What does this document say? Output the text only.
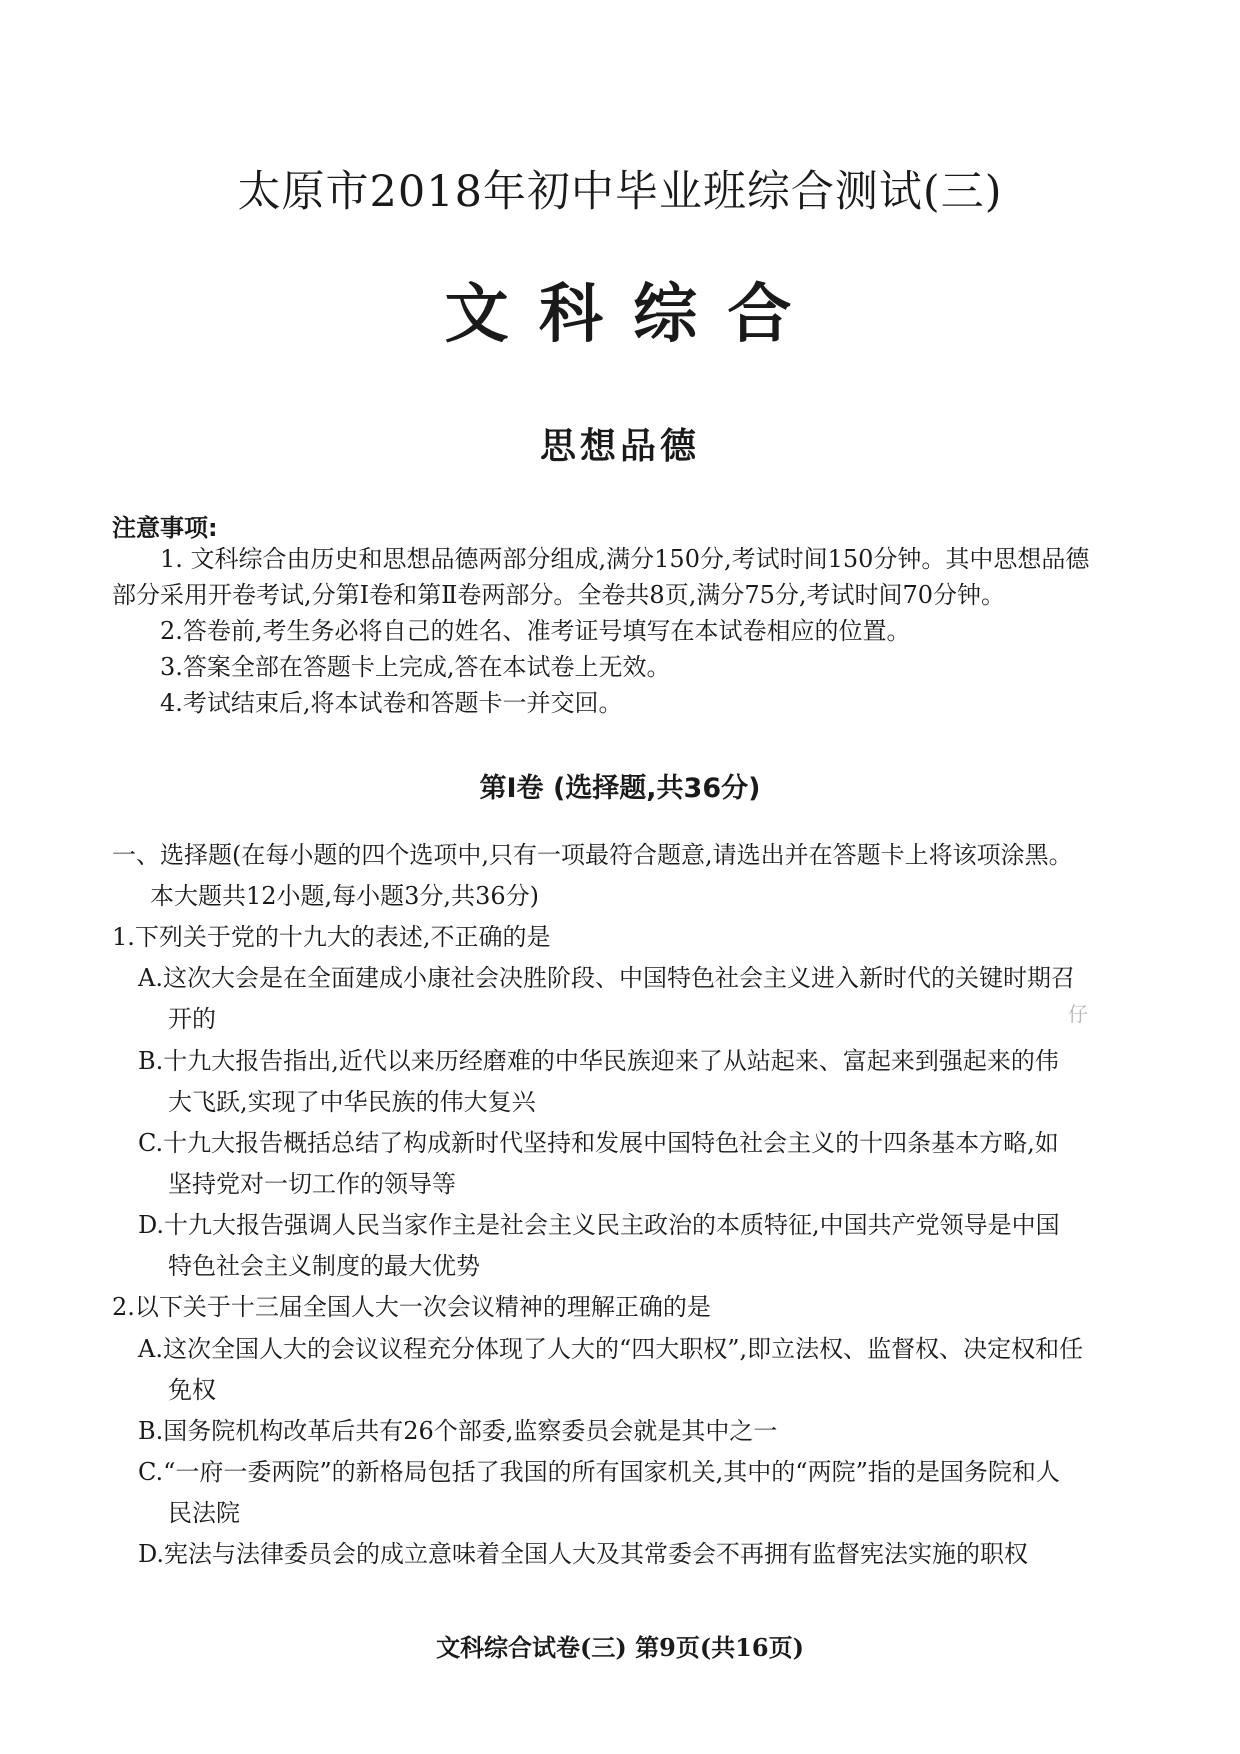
太原市2018年初中毕业班综合测试(三)
文 科 综 合
思想品德
注意事项:
1. 文科综合由历史和思想品德两部分组成,满分150分,考试时间150分钟。其中思想品德
部分采用开卷考试,分第Ⅰ卷和第Ⅱ卷两部分。全卷共8页,满分75分,考试时间70分钟。
2.答卷前,考生务必将自己的姓名、准考证号填写在本试卷相应的位置。
3.答案全部在答题卡上完成,答在本试卷上无效。
4.考试结束后,将本试卷和答题卡一并交回。
第Ⅰ卷 (选择题,共36分)
一、选择题(在每小题的四个选项中,只有一项最符合题意,请选出并在答题卡上将该项涂黑。
本大题共12小题,每小题3分,共36分)
1.下列关于党的十九大的表述,不正确的是
A.这次大会是在全面建成小康社会决胜阶段、中国特色社会主义进入新时代的关键时期召
开的
B.十九大报告指出,近代以来历经磨难的中华民族迎来了从站起来、富起来到强起来的伟
大飞跃,实现了中华民族的伟大复兴
C.十九大报告概括总结了构成新时代坚持和发展中国特色社会主义的十四条基本方略,如
坚持党对一切工作的领导等
D.十九大报告强调人民当家作主是社会主义民主政治的本质特征,中国共产党领导是中国
特色社会主义制度的最大优势
2.以下关于十三届全国人大一次会议精神的理解正确的是
A.这次全国人大的会议议程充分体现了人大的“四大职权”,即立法权、监督权、决定权和任
免权
B.国务院机构改革后共有26个部委,监察委员会就是其中之一
C.“一府一委两院”的新格局包括了我国的所有国家机关,其中的“两院”指的是国务院和人
民法院
D.宪法与法律委员会的成立意味着全国人大及其常委会不再拥有监督宪法实施的职权
仔
文科综合试卷(三) 第9页(共16页)
